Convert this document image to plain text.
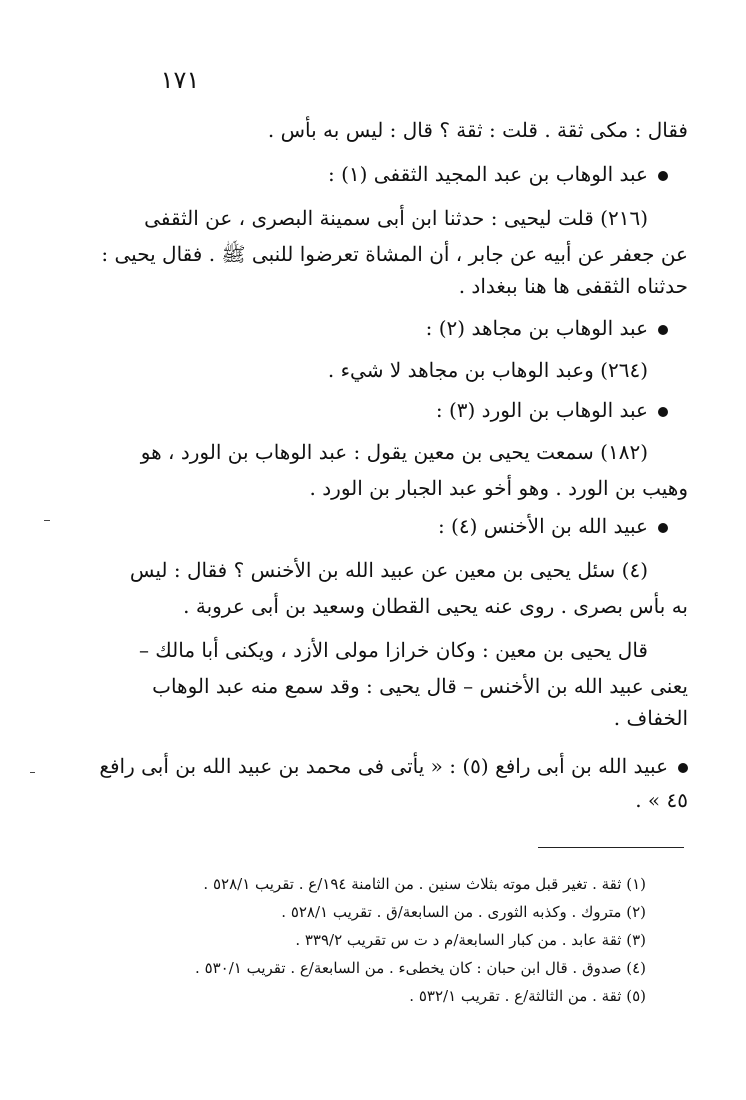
١٧١
فقال : مكى ثقة . قلت : ثقة ؟ قال : ليس به بأس .
عبد الوهاب بن عبد المجيد الثقفى (١) :
(٢١٦) قلت ليحيى : حدثنا ابن أبى سمينة البصرى ، عن الثقفى
عن جعفر عن أبيه عن جابر ، أن المشاة تعرضوا للنبى ﷺ . فقال يحيى :
حدثناه الثقفى ها هنا ببغداد .
عبد الوهاب بن مجاهد (٢) :
(٢٦٤) وعبد الوهاب بن مجاهد لا شيء .
عبد الوهاب بن الورد (٣) :
(١٨٢) سمعت يحيى بن معين يقول : عبد الوهاب بن الورد ، هو
وهيب بن الورد . وهو أخو عبد الجبار بن الورد .
عبيد الله بن الأخنس (٤) :
(٤) سئل يحيى بن معين عن عبيد الله بن الأخنس ؟ فقال : ليس
به بأس بصرى . روى عنه يحيى القطان وسعيد بن أبى عروبة .
قال يحيى بن معين : وكان خرازا مولى الأزد ، ويكنى أبا مالك –
يعنى عبيد الله بن الأخنس – قال يحيى : وقد سمع منه عبد الوهاب
الخفاف .
عبيد الله بن أبى رافع (٥) : « يأتى فى محمد بن عبيد الله بن أبى رافع
٤٥ » .
(١) ثقة . تغير قبل موته بثلاث سنين . من الثامنة ١٩٤/ع . تقريب ٥٢٨/١ .
(٢) متروك . وكذبه الثورى . من السابعة/ق . تقريب ٥٢٨/١ .
(٣) ثقة عابد . من كبار السابعة/م د ت س تقريب ٣٣٩/٢ .
(٤) صدوق . قال ابن حبان : كان يخطىء . من السابعة/ع . تقريب ٥٣٠/١ .
(٥) ثقة . من الثالثة/ع . تقريب ٥٣٢/١ .
